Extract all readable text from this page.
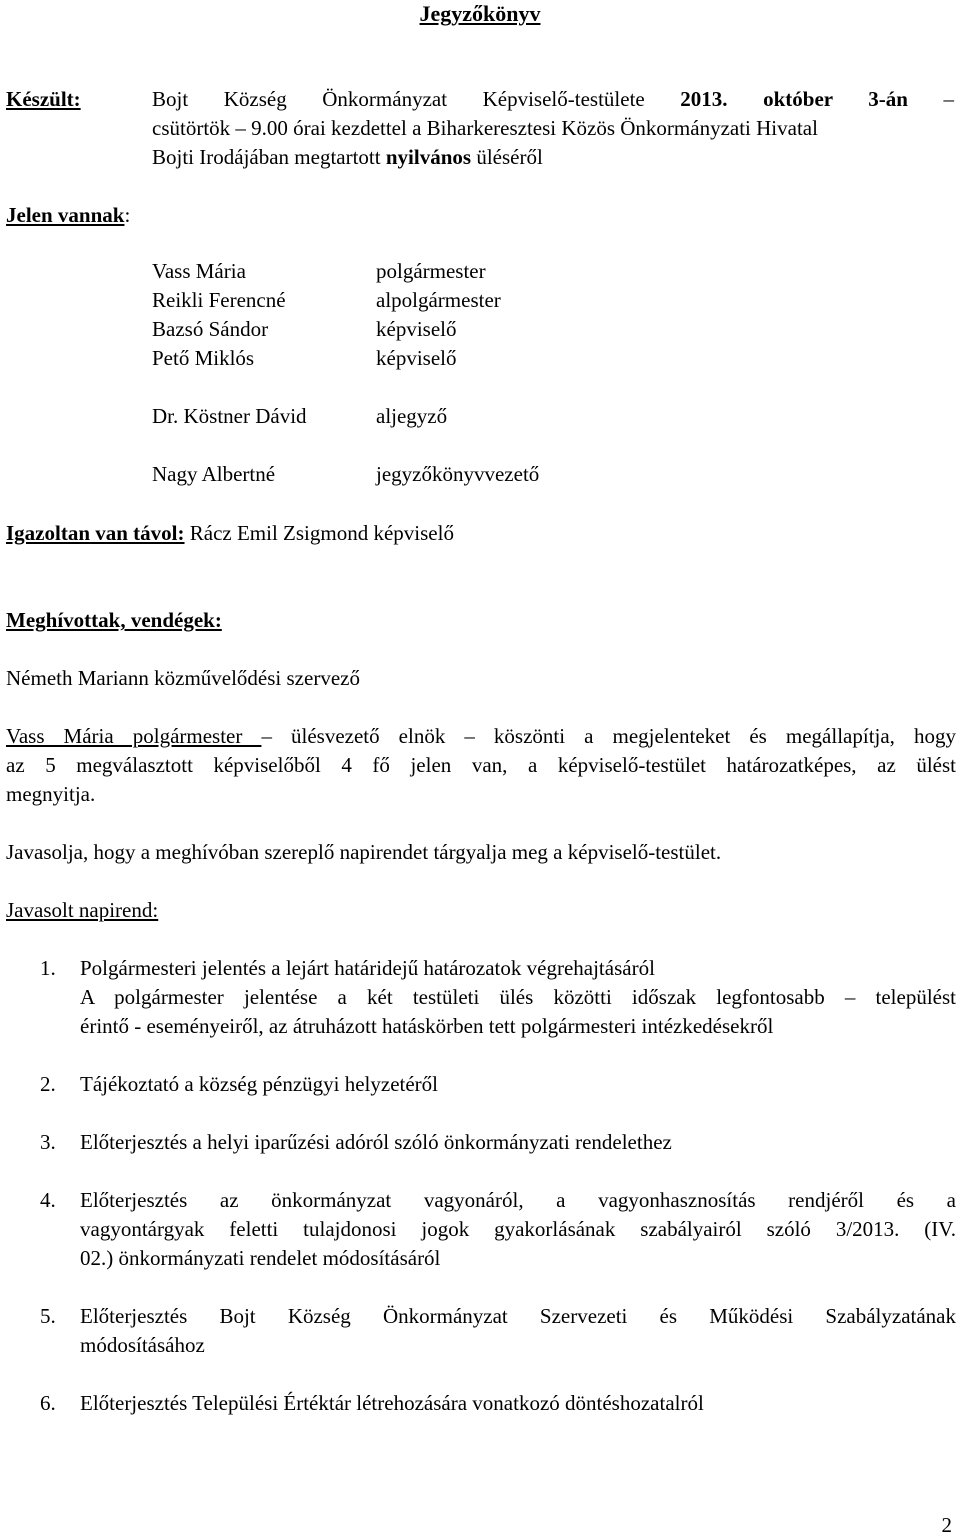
Jegyzőkönyv
Készült:	Bojt Község Önkormányzat Képviselő-testülete 2013. október 3-án –
csütörtök – 9.00 órai kezdettel a Biharkeresztesi Közös Önkormányzati Hivatal
Bojti Irodájában megtartott nyilvános üléséről
Jelen vannak:
Vass Mária	polgármester
Reikli Ferencné	alpolgármester
Bazsó Sándor	képviselő
Pető Miklós	képviselő
Dr. Köstner Dávid	aljegyző
Nagy Albertné	jegyzőkönyvvezető
Igazoltan van távol: Rácz Emil Zsigmond képviselő
Meghívottak, vendégek:
Németh Mariann közművelődési szervező
Vass Mária polgármester – ülésvezető elnök – köszönti a megjelenteket és megállapítja, hogy
az 5 megválasztott képviselőből 4 fő jelen van, a képviselő-testület határozatképes, az ülést
megnyitja.
Javasolja, hogy a meghívóban szereplő napirendet tárgyalja meg a képviselő-testület.
Javasolt napirend:
1. Polgármesteri jelentés a lejárt határidejű határozatok végrehajtásáról
A polgármester jelentése a két testületi ülés közötti időszak legfontosabb – települést
érintő - eseményeiről, az átruházott hatáskörben tett polgármesteri intézkedésekről
2. Tájékoztató a község pénzügyi helyzetéről
3. Előterjesztés a helyi iparűzési adóról szóló önkormányzati rendelethez
4. Előterjesztés az önkormányzat vagyonáról, a vagyonhasznosítás rendjéről és a
vagyontárgyak feletti tulajdonosi jogok gyakorlásának szabályairól szóló 3/2013. (IV.
02.) önkormányzati rendelet módosításáról
5. Előterjesztés Bojt Község Önkormányzat Szervezeti és Működési Szabályzatának
módosításához
6. Előterjesztés Települési Értéktár létrehozására vonatkozó döntéshozatalról
2
